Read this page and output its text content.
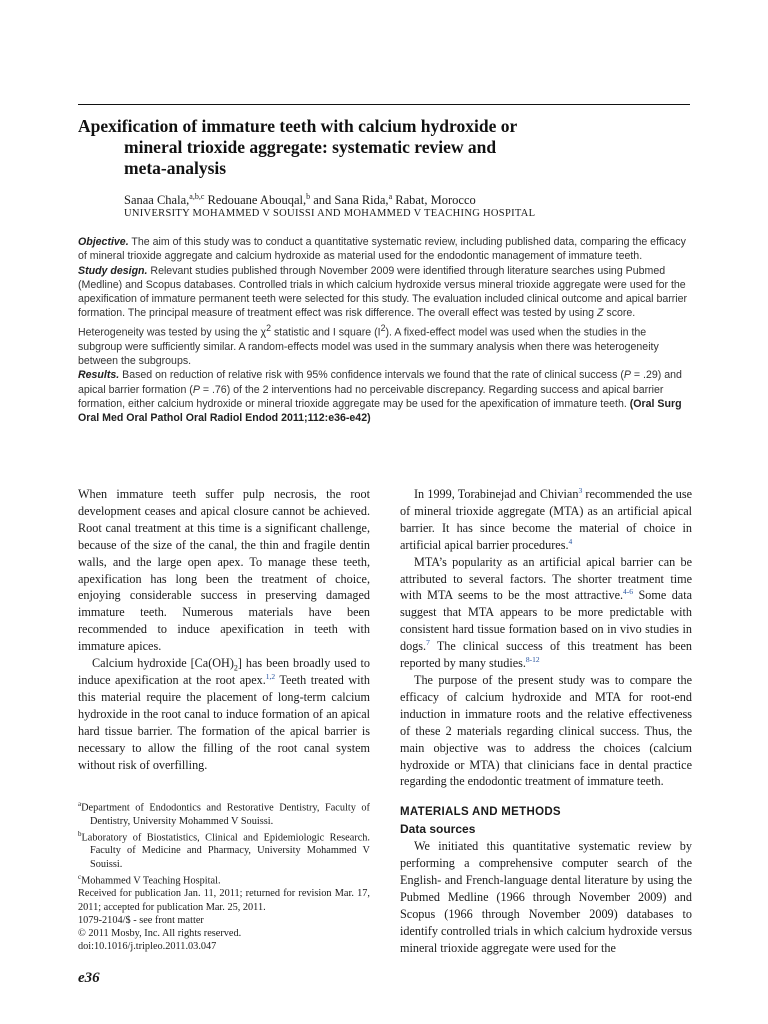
Apexification of immature teeth with calcium hydroxide or
mineral trioxide aggregate: systematic review and
meta-analysis
Sanaa Chala,$^{a,b,c}$ Redouane Abouqal,$^b$ and Sana Rida,$^a$ Rabat, Morocco
UNIVERSITY MOHAMMED V SOUISSI AND MOHAMMED V TEACHING HOSPITAL

Objective. The aim of this study was to conduct a quantitative systematic review, including published data, comparing the efficacy of mineral trioxide aggregate and calcium hydroxide as material used for the endodontic management of immature teeth.

Study design. Relevant studies published through November 2009 were identified through literature searches using Pubmed (Medline) and Scopus databases. Controlled trials in which calcium hydroxide versus mineral trioxide aggregate were used for the apexification of immature permanent teeth were selected for this study. The evaluation included clinical outcome and apical barrier formation. The principal measure of treatment effect was risk difference. The overall effect was tested by using Z score. Heterogeneity was tested by using the $\chi^2$ statistic and I square $(I^2)$. A fixed-effect model was used when the studies in the subgroup were sufficiently similar. A random-effects model was used in the summary analysis when there was heterogeneity between the subgroups.

Results. Based on reduction of relative risk with 95% confidence intervals we found that the rate of clinical success (P = .29) and apical barrier formation (P = .76) of the 2 interventions had no perceivable discrepancy. Regarding success and apical barrier formation, either calcium hydroxide or mineral trioxide aggregate may be used for the apexification of immature teeth. (Oral Surg Oral Med Oral Pathol Oral Radiol Endod 2011;112:e36-e42)

When immature teeth suffer pulp necrosis, the root development ceases and apical closure cannot be achieved. Root canal treatment at this time is a significant challenge, because of the size of the canal, the thin and fragile dentin walls, and the large open apex. To manage these teeth, apexification has long been the treatment of choice, enjoying considerable success in preserving damaged immature teeth. Numerous materials have been recommended to induce apexification in teeth with immature apices.

Calcium hydroxide $[Ca(OH)_2]$ has been broadly used to induce apexification at the root apex.$^{1,2}$ Teeth treated with this material require the placement of long-term calcium hydroxide in the root canal to induce formation of an apical hard tissue barrier. The formation of the apical barrier is necessary to allow the filling of the root canal system without risk of overfilling.

In 1999, Torabinejad and Chivian$^3$ recommended the use of mineral trioxide aggregate (MTA) as an artificial apical barrier. It has since become the material of choice in artificial apical barrier procedures.$^4$

MTA’s popularity as an artificial apical barrier can be attributed to several factors. The shorter treatment time with MTA seems to be the most attractive.$^{4-6}$ Some data suggest that MTA appears to be more predictable with consistent hard tissue formation based on in vivo studies in dogs.$^7$ The clinical success of this treatment has been reported by many studies.$^{8-12}$

The purpose of the present study was to compare the efficacy of calcium hydroxide and MTA for root-end induction in immature roots and the relative effectiveness of these 2 materials regarding clinical success. Thus, the main objective was to address the choices (calcium hydroxide or MTA) that clinicians face in dental practice regarding the endodontic treatment of immature teeth.

MATERIALS AND METHODS

Data sources

We initiated this quantitative systematic review by performing a comprehensive computer search of the English- and French-language dental literature by using the Pubmed Medline (1966 through November 2009) and Scopus (1966 through November 2009) databases to identify controlled trials in which calcium hydroxide versus mineral trioxide aggregate were used for the

$^a$Department of Endodontics and Restorative Dentistry, Faculty of Dentistry, University Mohammed V Souissi.

$^b$Laboratory of Biostatistics, Clinical and Epidemiologic Research. Faculty of Medicine and Pharmacy, University Mohammed V Souissi.

$^c$Mohammed V Teaching Hospital.

Received for publication Jan. 11, 2011; returned for revision Mar. 17, 2011; accepted for publication Mar. 25, 2011.

1079-2104/$ - see front matter

© 2011 Mosby, Inc. All rights reserved.

doi:10.1016/j.tripleo.2011.03.047

e36
